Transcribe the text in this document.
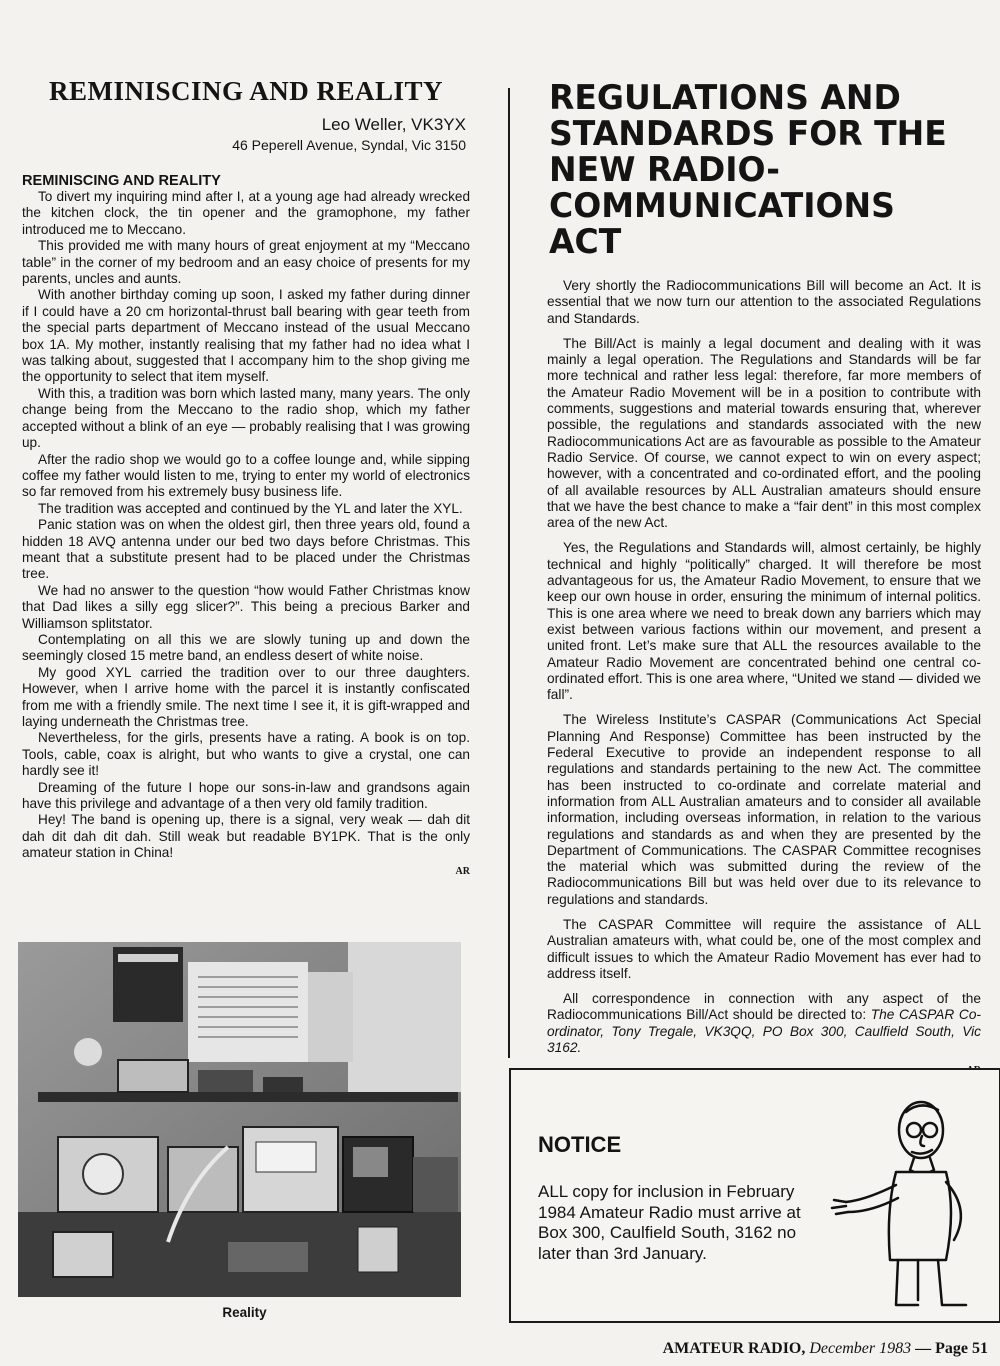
REMINISCING AND REALITY
Leo Weller, VK3YX
46 Peperell Avenue, Syndal, Vic 3150
REMINISCING AND REALITY

To divert my inquiring mind after I, at a young age had already wrecked the kitchen clock, the tin opener and the gramophone, my father introduced me to Meccano.

This provided me with many hours of great enjoyment at my “Meccano table” in the corner of my bedroom and an easy choice of presents for my parents, uncles and aunts.

With another birthday coming up soon, I asked my father during dinner if I could have a 20 cm horizontal-thrust ball bearing with gear teeth from the special parts department of Meccano instead of the usual Meccano box 1A. My mother, instantly realising that my father had no idea what I was talking about, suggested that I accompany him to the shop giving me the opportunity to select that item myself.

With this, a tradition was born which lasted many, many years. The only change being from the Meccano to the radio shop, which my father accepted without a blink of an eye — probably realising that I was growing up.

After the radio shop we would go to a coffee lounge and, while sipping coffee my father would listen to me, trying to enter my world of electronics so far removed from his extremely busy business life.

The tradition was accepted and continued by the YL and later the XYL.

Panic station was on when the oldest girl, then three years old, found a hidden 18 AVQ antenna under our bed two days before Christmas. This meant that a substitute present had to be placed under the Christmas tree.

We had no answer to the question “how would Father Christmas know that Dad likes a silly egg slicer?”. This being a precious Barker and Williamson splitstator.

Contemplating on all this we are slowly tuning up and down the seemingly closed 15 metre band, an endless desert of white noise.

My good XYL carried the tradition over to our three daughters. However, when I arrive home with the parcel it is instantly confiscated from me with a friendly smile. The next time I see it, it is gift-wrapped and laying underneath the Christmas tree.

Nevertheless, for the girls, presents have a rating. A book is on top. Tools, cable, coax is alright, but who wants to give a crystal, one can hardly see it!

Dreaming of the future I hope our sons-in-law and grandsons again have this privilege and advantage of a then very old family tradition.

Hey! The band is opening up, there is a signal, very weak — dah dit dah dit dah dit dah. Still weak but readable BY1PK. That is the only amateur station in China!

AR
Reality
REGULATIONS AND
STANDARDS FOR THE
NEW RADIO-
COMMUNICATIONS ACT

Very shortly the Radiocommunications Bill will become an Act. It is essential that we now turn our attention to the associated Regulations and Standards.

The Bill/Act is mainly a legal document and dealing with it was mainly a legal operation. The Regulations and Standards will be far more technical and rather less legal: therefore, far more members of the Amateur Radio Movement will be in a position to contribute with comments, suggestions and material towards ensuring that, wherever possible, the regulations and standards associated with the new Radiocommunications Act are as favourable as possible to the Amateur Radio Service. Of course, we cannot expect to win on every aspect; however, with a concentrated and co-ordinated effort, and the pooling of all available resources by ALL Australian amateurs should ensure that we have the best chance to make a “fair dent” in this most complex area of the new Act.

Yes, the Regulations and Standards will, almost certainly, be highly technical and highly “politically” charged. It will therefore be most advantageous for us, the Amateur Radio Movement, to ensure that we keep our own house in order, ensuring the minimum of internal politics. This is one area where we need to break down any barriers which may exist between various factions within our movement, and present a united front. Let’s make sure that ALL the resources available to the Amateur Radio Movement are concentrated behind one central co-ordinated effort. This is one area where, “United we stand — divided we fall”.

The Wireless Institute’s CASPAR (Communications Act Special Planning And Response) Committee has been instructed by the Federal Executive to provide an independent response to all regulations and standards pertaining to the new Act. The committee has been instructed to co-ordinate and correlate material and information from ALL Australian amateurs and to consider all available information, including overseas information, in relation to the various regulations and standards as and when they are presented by the Department of Communications. The CASPAR Committee recognises the material which was submitted during the review of the Radiocommunications Bill but was held over due to its relevance to regulations and standards.

The CASPAR Committee will require the assistance of ALL Australian amateurs with, what could be, one of the most complex and difficult issues to which the Amateur Radio Movement has ever had to address itself.

All correspondence in connection with any aspect of the Radiocommunications Bill/Act should be directed to: The CASPAR Co-ordinator, Tony Tregale, VK3QQ, PO Box 300, Caulfield South, Vic 3162.

NOTICE
ALL copy for inclusion in February 1984 Amateur Radio must arrive at Box 300, Caulfield South, 3162 no later than 3rd January.
AMATEUR RADIO, December 1983 — Page 51
